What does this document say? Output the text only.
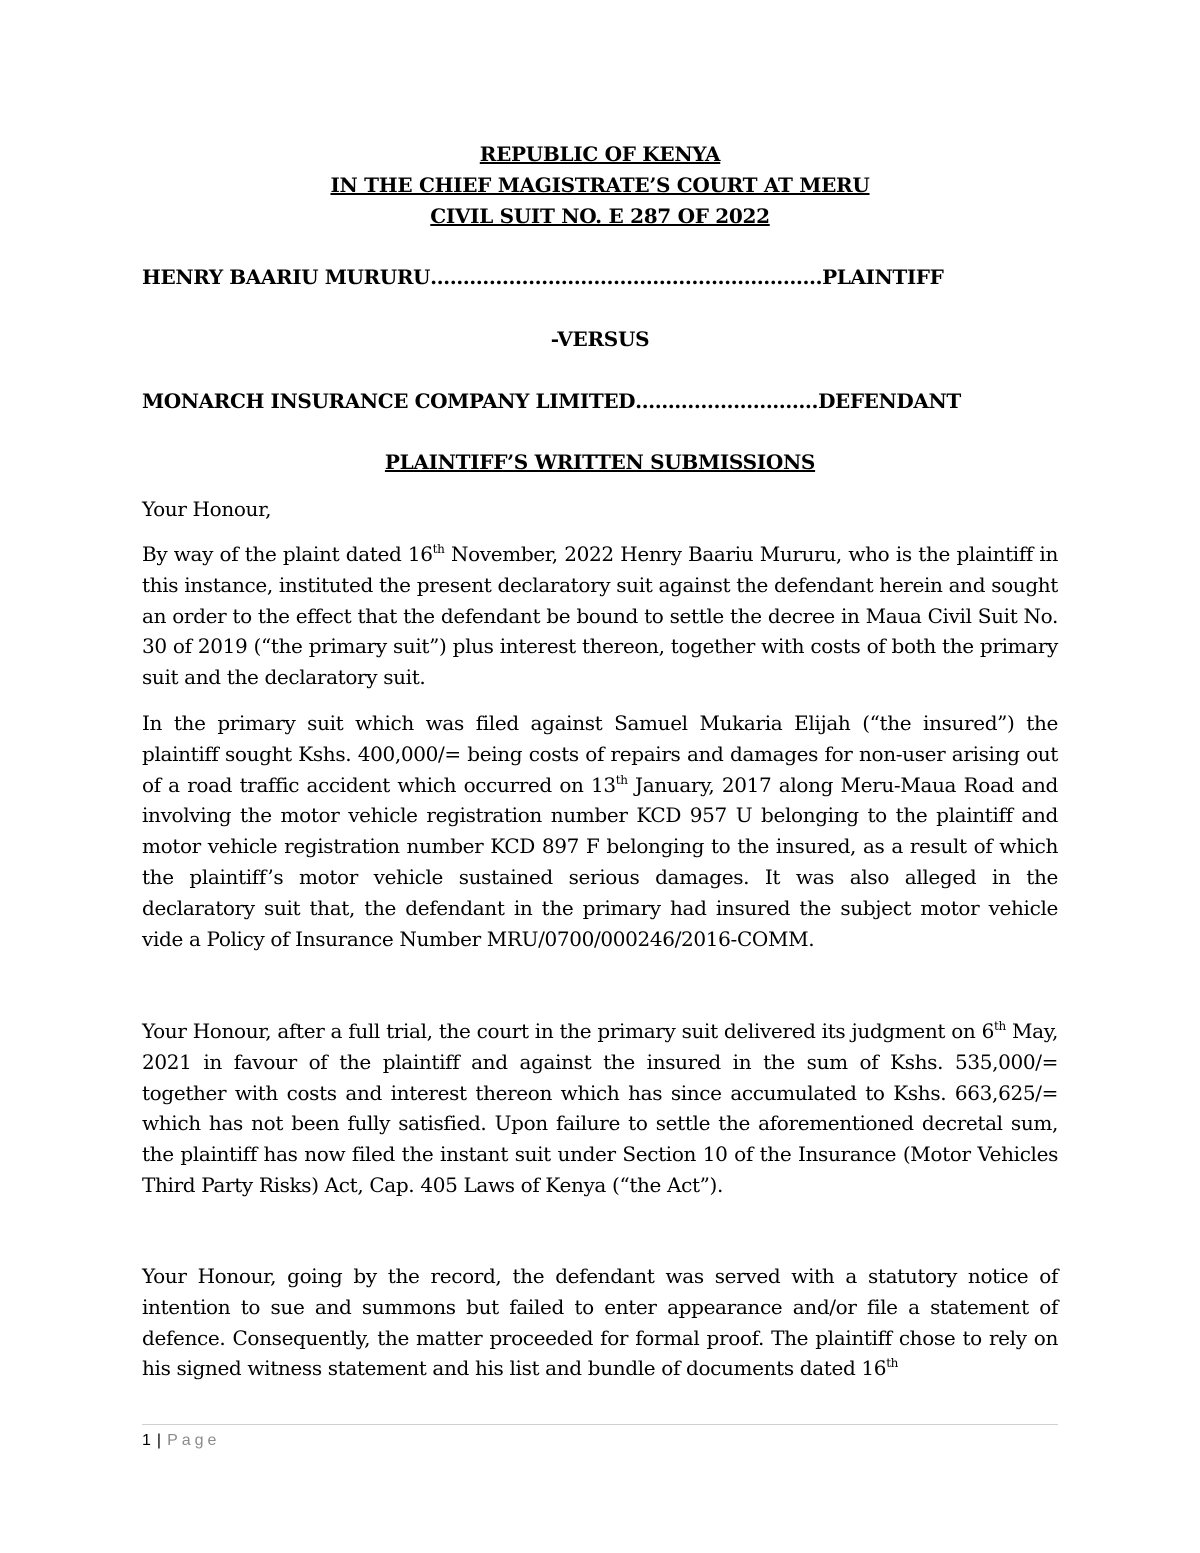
REPUBLIC OF KENYA
IN THE CHIEF MAGISTRATE’S COURT AT MERU
CIVIL SUIT NO. E 287 OF 2022
HENRY BAARIU MURURU……………………………………………………PLAINTIFF
-VERSUS
MONARCH INSURANCE COMPANY LIMITED……………………….DEFENDANT
PLAINTIFF’S WRITTEN SUBMISSIONS
Your Honour,
By way of the plaint dated 16th November, 2022 Henry Baariu Mururu, who is the plaintiff in this instance, instituted the present declaratory suit against the defendant herein and sought an order to the effect that the defendant be bound to settle the decree in Maua Civil Suit No. 30 of 2019 (“the primary suit”) plus interest thereon, together with costs of both the primary suit and the declaratory suit.
In the primary suit which was filed against Samuel Mukaria Elijah (“the insured”) the plaintiff sought Kshs. 400,000/= being costs of repairs and damages for non-user arising out of a road traffic accident which occurred on 13th January, 2017 along Meru-Maua Road and involving the motor vehicle registration number KCD 957 U belonging to the plaintiff and motor vehicle registration number KCD 897 F belonging to the insured, as a result of which the plaintiff’s motor vehicle sustained serious damages. It was also alleged in the declaratory suit that, the defendant in the primary had insured the subject motor vehicle vide a Policy of Insurance Number MRU/0700/000246/2016-COMM.
Your Honour, after a full trial, the court in the primary suit delivered its judgment on 6th May, 2021 in favour of the plaintiff and against the insured in the sum of Kshs. 535,000/= together with costs and interest thereon which has since accumulated to Kshs. 663,625/= which has not been fully satisfied. Upon failure to settle the aforementioned decretal sum, the plaintiff has now filed the instant suit under Section 10 of the Insurance (Motor Vehicles Third Party Risks) Act, Cap. 405 Laws of Kenya (“the Act”).
Your Honour, going by the record, the defendant was served with a statutory notice of intention to sue and summons but failed to enter appearance and/or file a statement of defence. Consequently, the matter proceeded for formal proof. The plaintiff chose to rely on his signed witness statement and his list and bundle of documents dated 16th
1 | Page
